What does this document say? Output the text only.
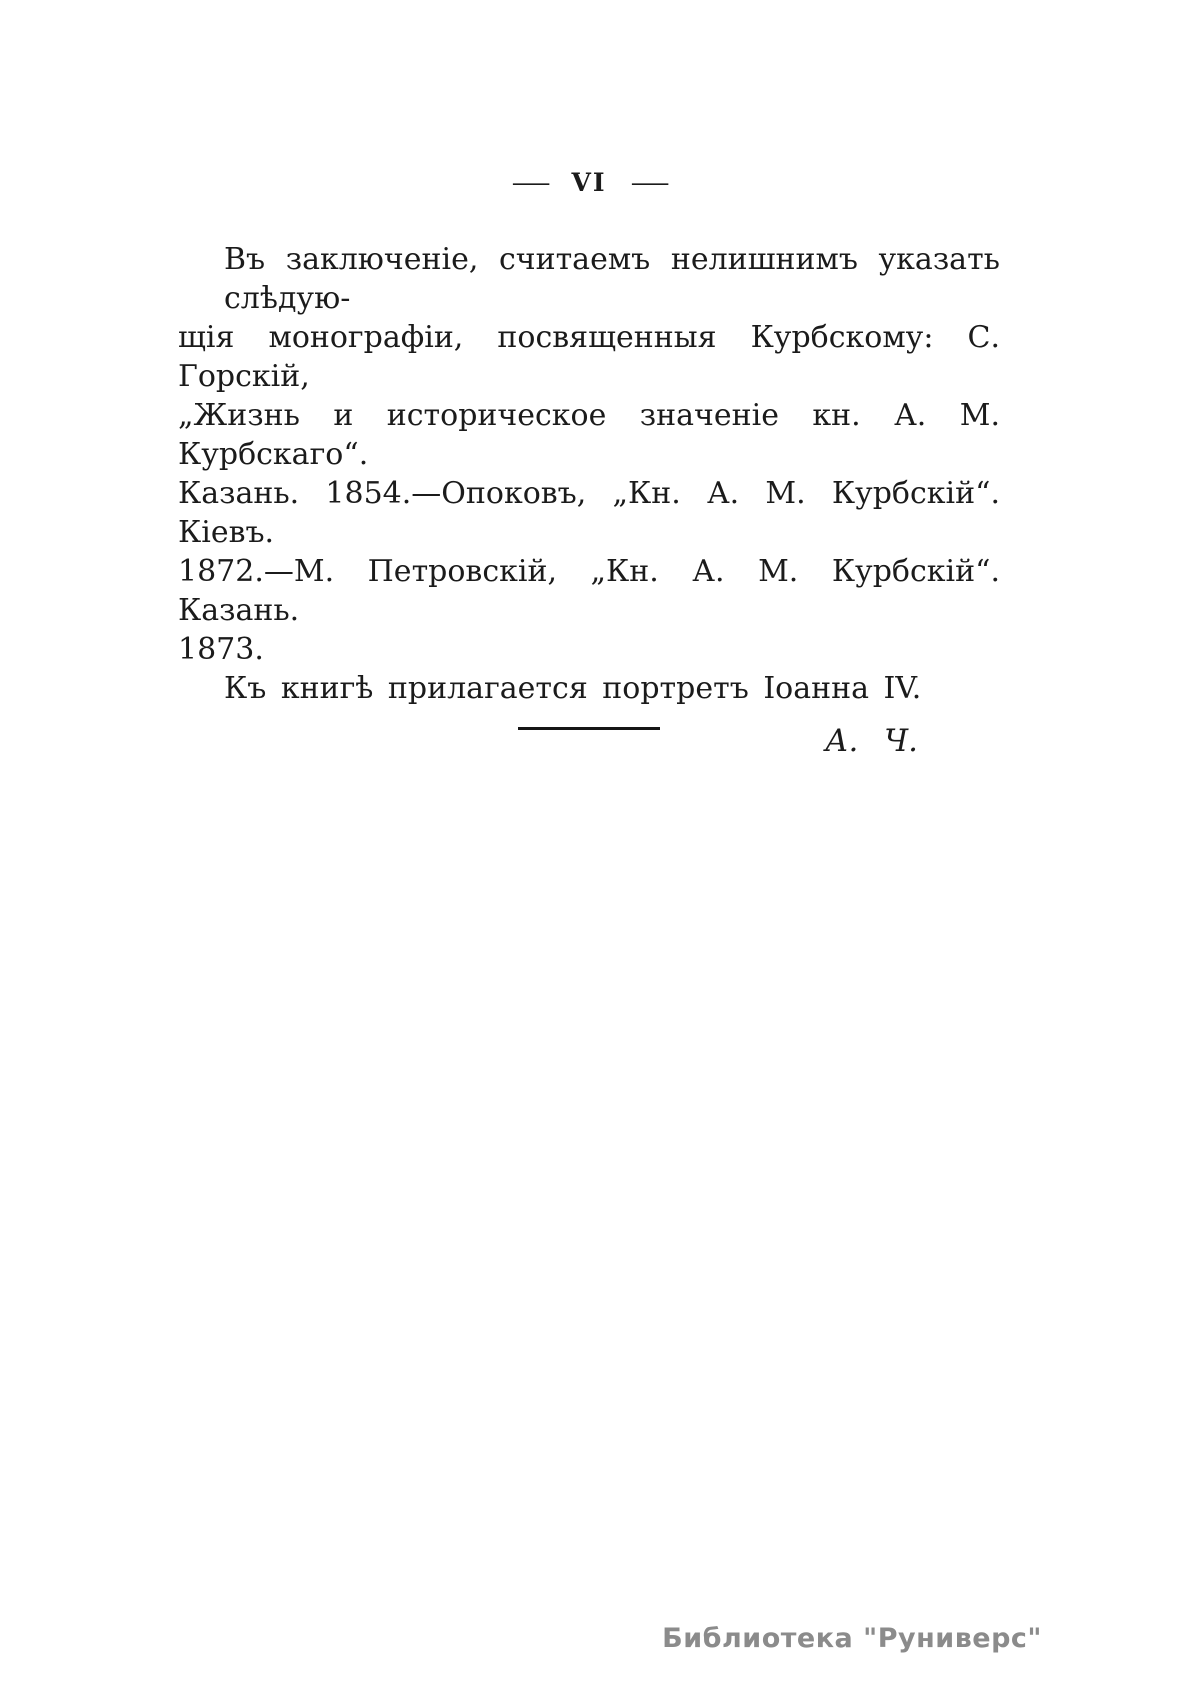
— VI —
Въ заключеніе, считаемъ нелишнимъ указать слѣдую-
щія монографіи, посвященныя Курбскому: С. Горскій,
„Жизнь и историческое значеніе кн. А. М. Курбскаго“.
Казань. 1854.—Опоковъ, „Кн. А. М. Курбскій“. Кіевъ.
1872.—М. Петровскій, „Кн. А. М. Курбскій“. Казань.
1873.
Къ книгѣ прилагается портретъ Іоанна IV.
А. Ч.
Библиотека "Руниверс"
